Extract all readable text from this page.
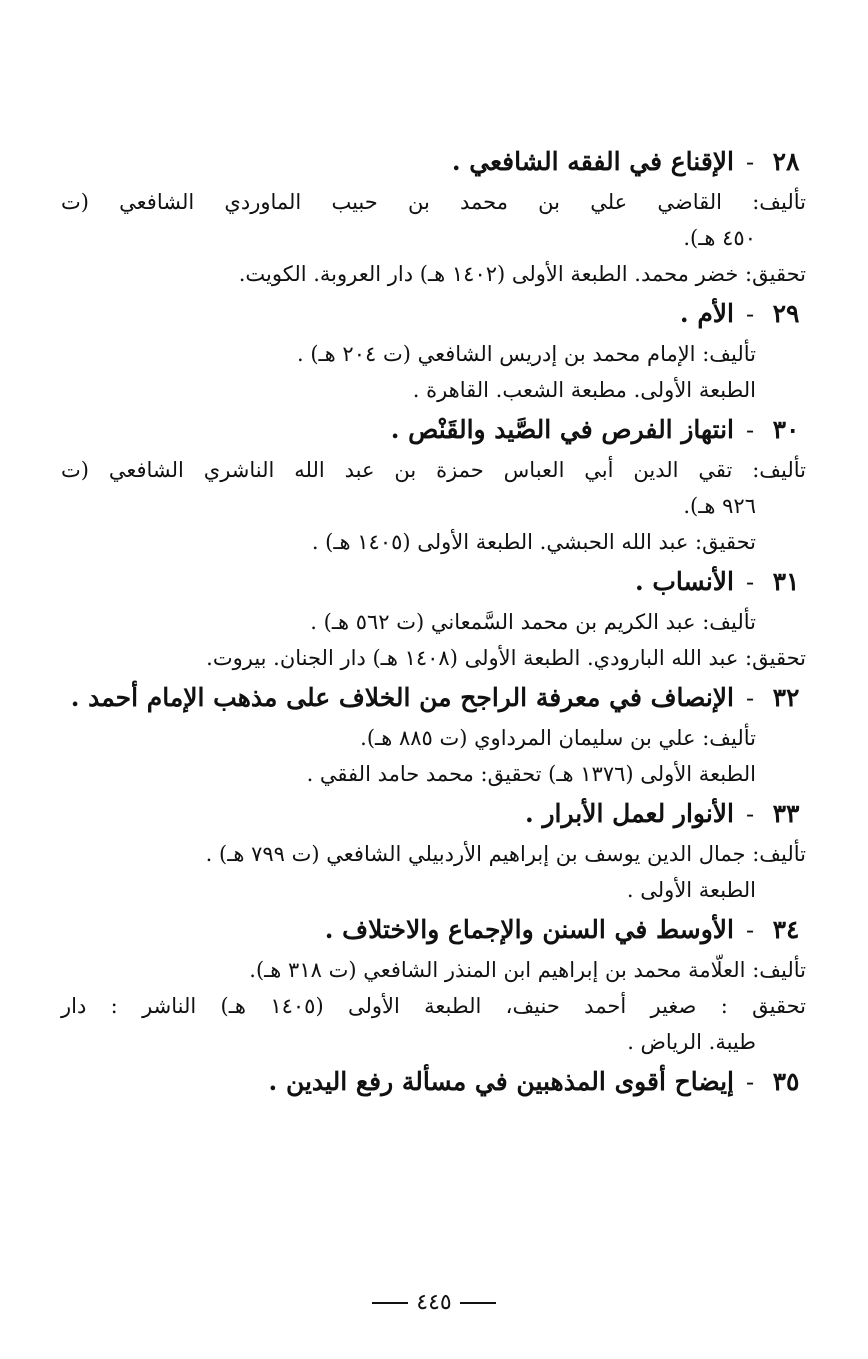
٢٨
-
الإقناع في الفقه الشافعي .
تأليف: القاضي علي بن محمد بن حبيب الماوردي الشافعي (ت
٤٥٠ هـ).
تحقيق: خضر محمد. الطبعة الأولى (١٤٠٢ هـ) دار العروبة. الكويت.
٢٩
-
الأم .
تأليف: الإمام محمد بن إدريس الشافعي (ت ٢٠٤ هـ) .
الطبعة الأولى. مطبعة الشعب. القاهرة .
٣٠
-
انتهاز الفرص في الصَّيد والقَنْص .
تأليف: تقي الدين أبي العباس حمزة بن عبد الله الناشري الشافعي (ت
٩٢٦ هـ).
تحقيق: عبد الله الحبشي. الطبعة الأولى (١٤٠٥ هـ) .
٣١
-
الأنساب .
تأليف: عبد الكريم بن محمد السَّمعاني (ت ٥٦٢ هـ) .
تحقيق: عبد الله البارودي. الطبعة الأولى (١٤٠٨ هـ) دار الجنان. بيروت.
٣٢
-
الإنصاف في معرفة الراجح من الخلاف على مذهب الإمام أحمد .
تأليف: علي بن سليمان المرداوي (ت ٨٨٥ هـ).
الطبعة الأولى (١٣٧٦ هـ) تحقيق: محمد حامد الفقي .
٣٣
-
الأنوار لعمل الأبرار .
تأليف: جمال الدين يوسف بن إبراهيم الأردبيلي الشافعي (ت ٧٩٩ هـ) .
الطبعة الأولى .
٣٤
-
الأوسط في السنن والإجماع والاختلاف .
تأليف: العلّامة محمد بن إبراهيم ابن المنذر الشافعي (ت ٣١٨ هـ).
تحقيق : صغير أحمد حنيف، الطبعة الأولى (١٤٠٥ هـ) الناشر : دار
طيبة. الرياض .
٣٥
-
إيضاح أقوى المذهبين في مسألة رفع اليدين .
٤٤٥
